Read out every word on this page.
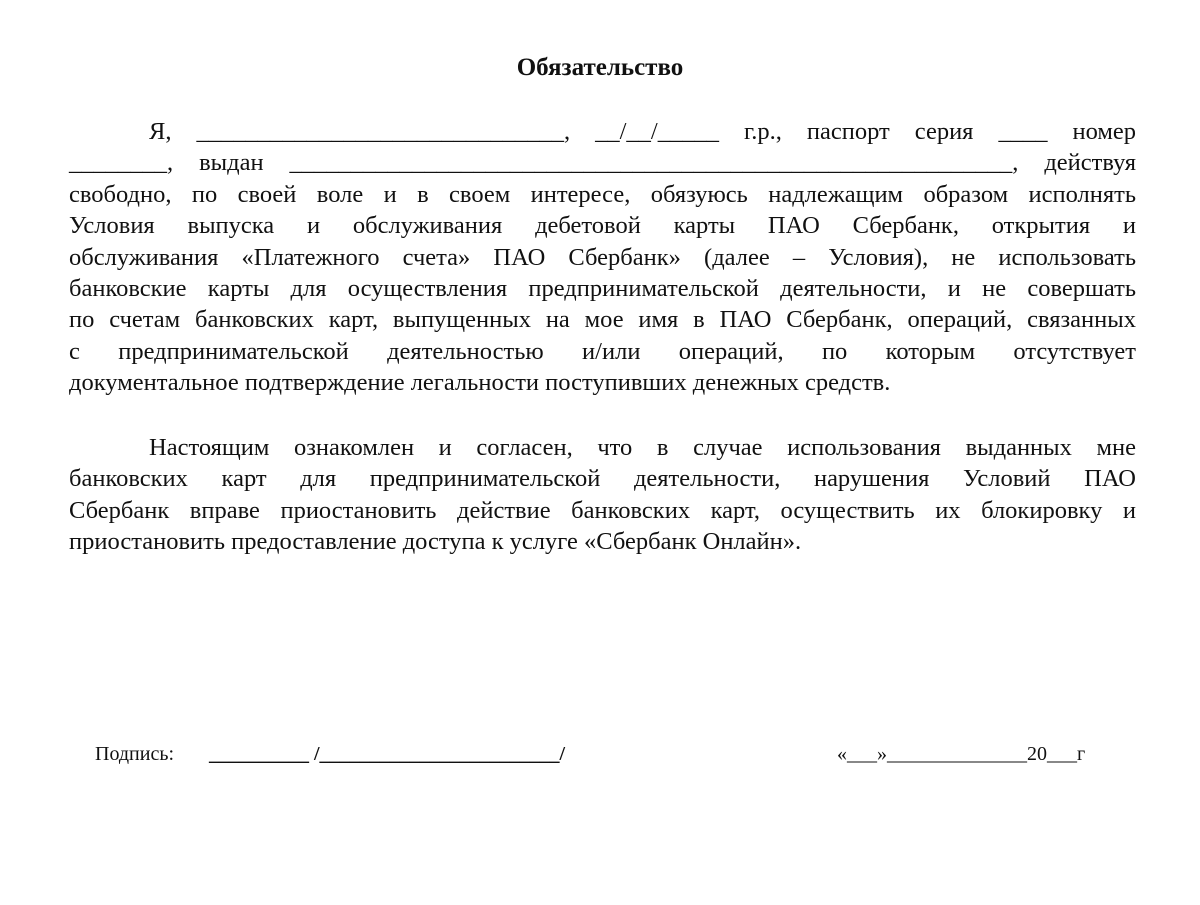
Обязательство
Я, ______________________________, __/__/_____ г.р., паспорт серия ____ номер
________, выдан ___________________________________________________________, действуя
свободно, по своей воле и в своем интересе, обязуюсь надлежащим образом исполнять
Условия выпуска и обслуживания дебетовой карты ПАО Сбербанк, открытия и
обслуживания «Платежного счета» ПАО Сбербанк» (далее – Условия), не использовать
банковские карты для осуществления предпринимательской деятельности, и не совершать
по счетам банковских карт, выпущенных на мое имя в ПАО Сбербанк, операций, связанных
с предпринимательской деятельностью и/или операций, по которым отсутствует
документальное подтверждение легальности поступивших денежных средств.
Настоящим ознакомлен и согласен, что в случае использования выданных мне
банковских карт для предпринимательской деятельности, нарушения Условий ПАО
Сбербанк вправе приостановить действие банковских карт, осуществить их блокировку и
приостановить предоставление доступа к услуге «Сбербанк Онлайн».
Подпись: __________ /________________________/	«___»______________20___г
